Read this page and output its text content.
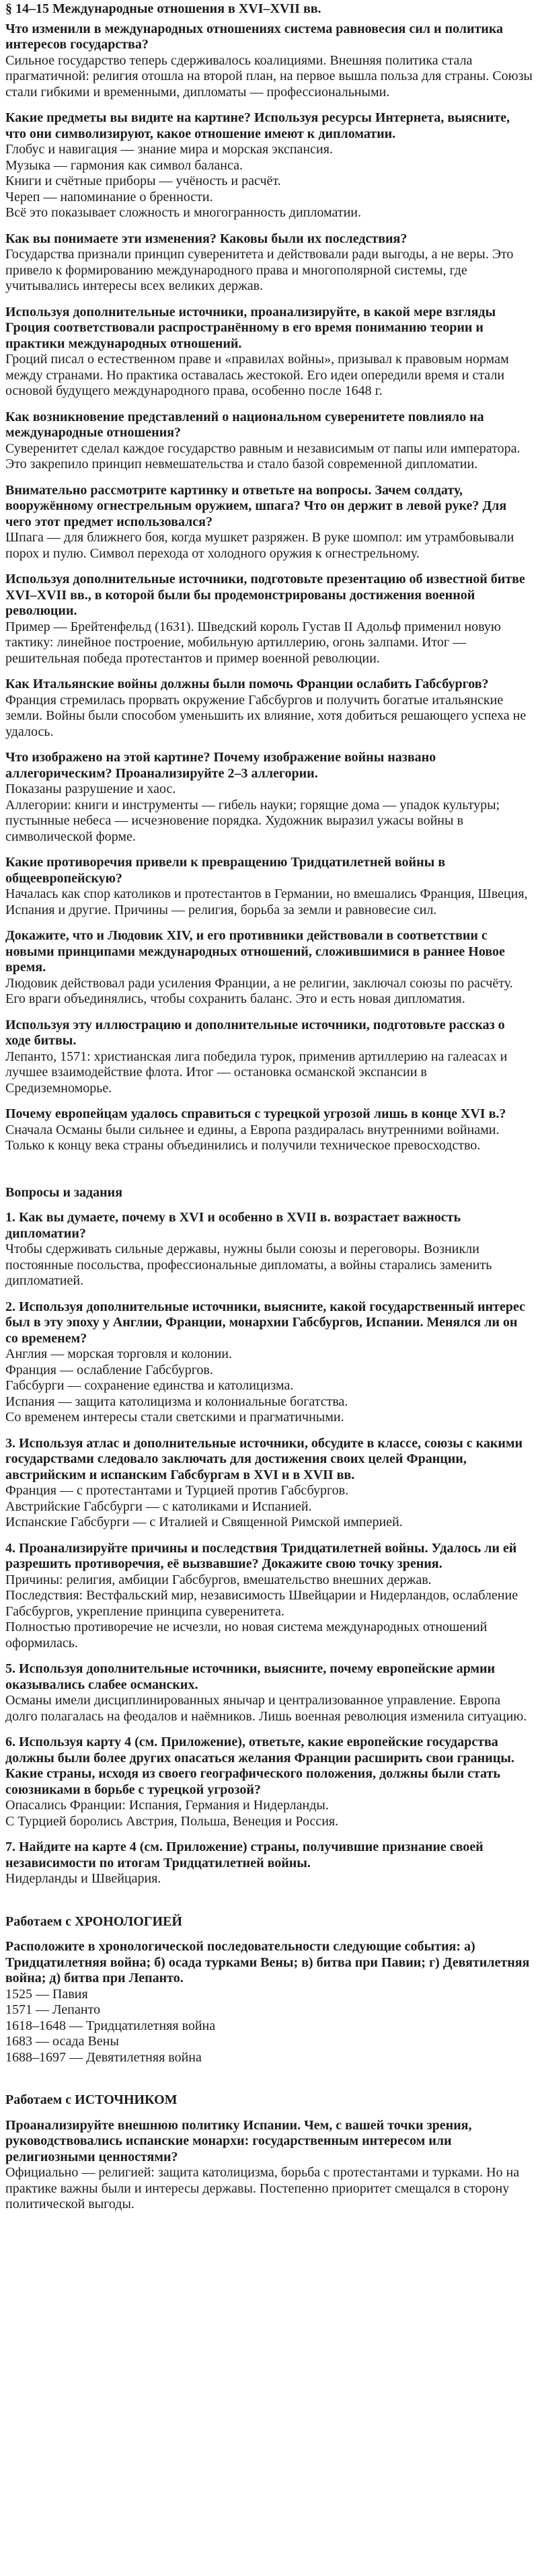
§ 14–15 Международные отношения в XVI–XVII вв.

Что изменили в международных отношениях система равновесия сил и политика интересов государства?

Сильное государство теперь сдерживалось коалициями. Внешняя политика стала прагматичной: религия отошла на второй план, на первое вышла польза для страны. Союзы стали гибкими и временными, дипломаты — профессиональными.

Какие предметы вы видите на картине? Используя ресурсы Интернета, выясните, что они символизируют, какое отношение имеют к дипломатии.

Глобус и навигация — знание мира и морская экспансия.
Музыка — гармония как символ баланса.
Книги и счётные приборы — учёность и расчёт.
Череп — напоминание о бренности.
Всё это показывает сложность и многогранность дипломатии.

Как вы понимаете эти изменения? Каковы были их последствия?

Государства признали принцип суверенитета и действовали ради выгоды, а не веры. Это привело к формированию международного права и многополярной системы, где учитывались интересы всех великих держав.

Используя дополнительные источники, проанализируйте, в какой мере взгляды Гроция соответствовали распространённому в его время пониманию теории и практики международных отношений.

Гроций писал о естественном праве и «правилах войны», призывал к правовым нормам между странами. Но практика оставалась жестокой. Его идеи опередили время и стали основой будущего международного права, особенно после 1648 г.

Как возникновение представлений о национальном суверенитете повлияло на международные отношения?

Суверенитет сделал каждое государство равным и независимым от папы или императора. Это закрепило принцип невмешательства и стало базой современной дипломатии.

Внимательно рассмотрите картинку и ответьте на вопросы. Зачем солдату, вооружённому огнестрельным оружием, шпага? Что он держит в левой руке? Для чего этот предмет использовался?

Шпага — для ближнего боя, когда мушкет разряжен. В руке шомпол: им утрамбовывали порох и пулю. Символ перехода от холодного оружия к огнестрельному.

Используя дополнительные источники, подготовьте презентацию об известной битве XVI–XVII вв., в которой были бы продемонстрированы достижения военной революции.

Пример — Брейтенфельд (1631). Шведский король Густав II Адольф применил новую тактику: линейное построение, мобильную артиллерию, огонь залпами. Итог — решительная победа протестантов и пример военной революции.

Как Итальянские войны должны были помочь Франции ослабить Габсбургов?

Франция стремилась прорвать окружение Габсбургов и получить богатые итальянские земли. Войны были способом уменьшить их влияние, хотя добиться решающего успеха не удалось.

Что изображено на этой картине? Почему изображение войны названо аллегорическим? Проанализируйте 2–3 аллегории.

Показаны разрушение и хаос.
Аллегории: книги и инструменты — гибель науки; горящие дома — упадок культуры; пустынные небеса — исчезновение порядка. Художник выразил ужасы войны в символической форме.

Какие противоречия привели к превращению Тридцатилетней войны в общеевропейскую?

Началась как спор католиков и протестантов в Германии, но вмешались Франция, Швеция, Испания и другие. Причины — религия, борьба за земли и равновесие сил.

Докажите, что и Людовик XIV, и его противники действовали в соответствии с новыми принципами международных отношений, сложившимися в раннее Новое время.

Людовик действовал ради усиления Франции, а не религии, заключал союзы по расчёту. Его враги объединялись, чтобы сохранить баланс. Это и есть новая дипломатия.

Используя эту иллюстрацию и дополнительные источники, подготовьте рассказ о ходе битвы.

Лепанто, 1571: христианская лига победила турок, применив артиллерию на галеасах и лучшее взаимодействие флота. Итог — остановка османской экспансии в Средиземноморье.

Почему европейцам удалось справиться с турецкой угрозой лишь в конце XVI в.?

Сначала Османы были сильнее и едины, а Европа раздиралась внутренними войнами. Только к концу века страны объединились и получили техническое превосходство.
Вопросы и задания

1. Как вы думаете, почему в XVI и особенно в XVII в. возрастает важность дипломатии?

Чтобы сдерживать сильные державы, нужны были союзы и переговоры. Возникли постоянные посольства, профессиональные дипломаты, а войны старались заменить дипломатией.

2. Используя дополнительные источники, выясните, какой государственный интерес был в эту эпоху у Англии, Франции, монархии Габсбургов, Испании. Менялся ли он со временем?

Англия — морская торговля и колонии.
Франция — ослабление Габсбургов.
Габсбурги — сохранение единства и католицизма.
Испания — защита католицизма и колониальные богатства.
Со временем интересы стали светскими и прагматичными.

3. Используя атлас и дополнительные источники, обсудите в классе, союзы с какими государствами следовало заключать для достижения своих целей Франции, австрийским и испанским Габсбургам в XVI и в XVII вв.

Франция — с протестантами и Турцией против Габсбургов.
Австрийские Габсбурги — с католиками и Испанией.
Испанские Габсбурги — с Италией и Священной Римской империей.

4. Проанализируйте причины и последствия Тридцатилетней войны. Удалось ли ей разрешить противоречия, её вызвавшие? Докажите свою точку зрения.

Причины: религия, амбиции Габсбургов, вмешательство внешних держав.
Последствия: Вестфальский мир, независимость Швейцарии и Нидерландов, ослабление Габсбургов, укрепление принципа суверенитета.
Полностью противоречие не исчезли, но новая система международных отношений оформилась.

5. Используя дополнительные источники, выясните, почему европейские армии оказывались слабее османских.

Османы имели дисциплинированных янычар и централизованное управление. Европа долго полагалась на феодалов и наёмников. Лишь военная революция изменила ситуацию.

6. Используя карту 4 (см. Приложение), ответьте, какие европейские государства должны были более других опасаться желания Франции расширить свои границы. Какие страны, исходя из своего географического положения, должны были стать союзниками в борьбе с турецкой угрозой?

Опасались Франции: Испания, Германия и Нидерланды.
С Турцией боролись Австрия, Польша, Венеция и Россия.

7. Найдите на карте 4 (см. Приложение) страны, получившие признание своей независимости по итогам Тридцатилетней войны.

Нидерланды и Швейцария.
Работаем с ХРОНОЛОГИЕЙ

Расположите в хронологической последовательности следующие события: а) Тридцатилетняя война; б) осада турками Вены; в) битва при Павии; г) Девятилетняя война; д) битва при Лепанто.

1525 — Павия
1571 — Лепанто
1618–1648 — Тридцатилетняя война
1683 — осада Вены
1688–1697 — Девятилетняя война
Работаем с ИСТОЧНИКОМ

Проанализируйте внешнюю политику Испании. Чем, с вашей точки зрения, руководствовались испанские монархи: государственным интересом или религиозными ценностями?

Официально — религией: защита католицизма, борьба с протестантами и турками. Но на практике важны были и интересы державы. Постепенно приоритет смещался в сторону политической выгоды.
